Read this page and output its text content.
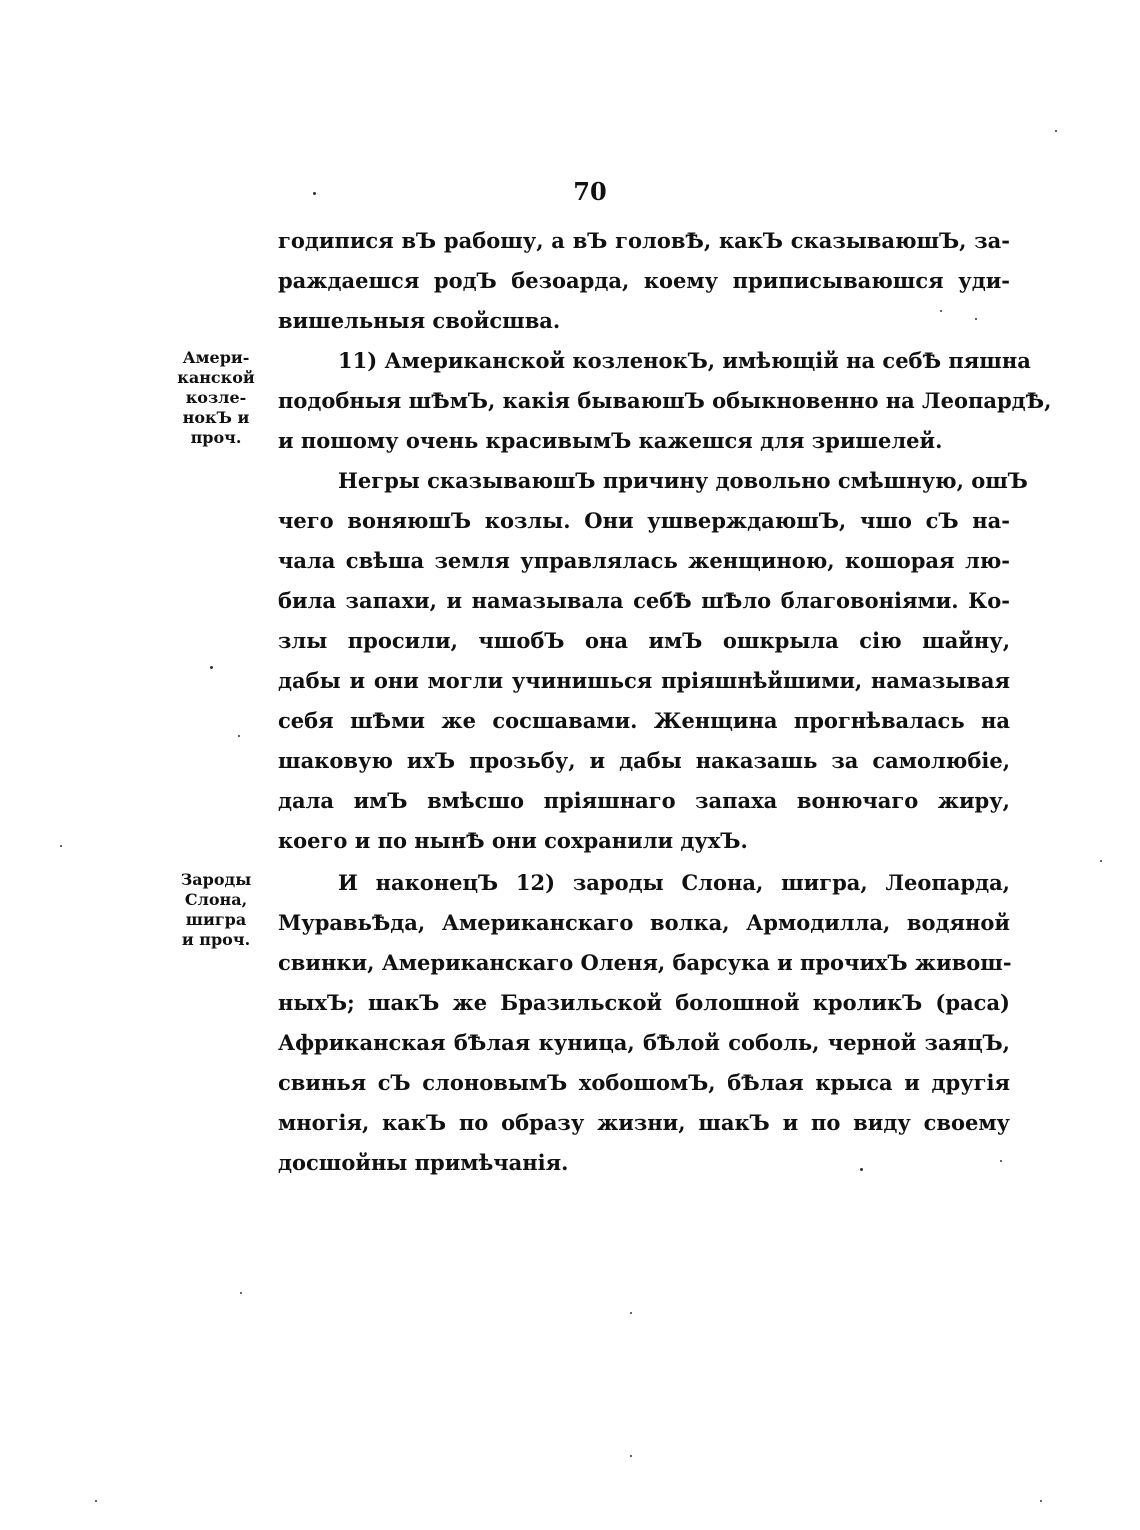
70
Амери-
канской
козле-
нокЪ и
проч.
Зароды
Слона,
шигра
и проч.
годипися вЪ рабошу, а вЪ головѢ, какЪ сказываюшЪ, за-
раждаешся родЪ безоарда, коему приписываюшся уди-
вишельныя свойсшва.
11) Американской козленокЪ, имѣющій на себѢ пяшна
подобныя шѢмЪ, какія бываюшЪ обыкновенно на ЛеопардѢ,
и пошому очень красивымЪ кажешся для зришелей.
Негры сказываюшЪ причину довольно смѣшную, ошЪ
чего воняюшЪ козлы. Они ушверждаюшЪ, чшо сЪ на-
чала свѣша земля управлялась женщиною, кошорая лю-
била запахи, и намазывала себѢ шѢло благовоніями. Ко-
злы просили, чшобЪ она имЪ ошкрыла сію шайну,
дабы и они могли учинишься пріяшнѣйшими, намазывая
себя шѢми же сосшавами. Женщина прогнѣвалась на
шаковую ихЪ прозьбу, и дабы наказашь за самолюбіе,
дала имЪ вмѣсшо пріяшнаго запаха вонючаго жиру,
коего и по нынѢ они сохранили духЪ.
И наконецЪ 12) зароды Слона, шигра, Леопарда,
МуравьѢда, Американскаго волка, Армодилла, водяной
свинки, Американскаго Оленя, барсука и прочихЪ живош-
ныхЪ; шакЪ же Бразильской болошной кроликЪ (раса)
Африканская бѢлая куница, бѢлой соболь, черной заяцЪ,
свинья сЪ слоновымЪ хобошомЪ, бѢлая крыса и другія
многія, какЪ по образу жизни, шакЪ и по виду своему
досшойны примѣчанія.
